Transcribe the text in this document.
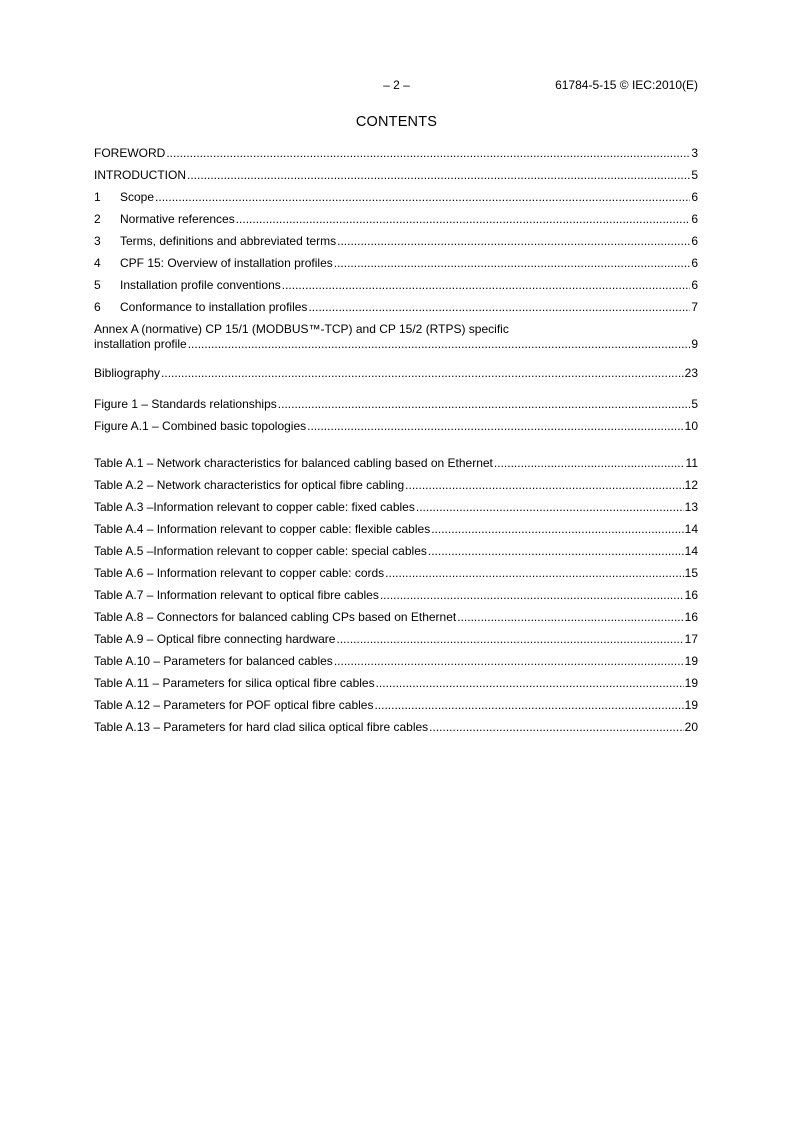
– 2 –	61784-5-15 © IEC:2010(E)
CONTENTS
FOREWORD .....	3
INTRODUCTION .....	5
1	Scope .....	6
2	Normative references .....	6
3	Terms, definitions and abbreviated terms .....	6
4	CPF 15: Overview of installation profiles .....	6
5	Installation profile conventions .....	6
6	Conformance to installation profiles .....	7
Annex A (normative) CP 15/1 (MODBUS™-TCP) and CP 15/2 (RTPS) specific
installation profile .....	9
Bibliography .....	23
Figure 1 – Standards relationships .....	5
Figure A.1 – Combined basic topologies .....	10
Table A.1 – Network characteristics for balanced cabling based on Ethernet .....	11
Table A.2 – Network characteristics for optical fibre cabling .....	12
Table A.3 –Information relevant to copper cable: fixed cables .....	13
Table A.4 – Information relevant to copper cable: flexible cables .....	14
Table A.5 –Information relevant to copper cable: special cables .....	14
Table A.6 – Information relevant to copper cable: cords .....	15
Table A.7 – Information relevant to optical fibre cables .....	16
Table A.8 – Connectors for balanced cabling CPs based on Ethernet .....	16
Table A.9 – Optical fibre connecting hardware .....	17
Table A.10 – Parameters for balanced cables .....	19
Table A.11 – Parameters for silica optical fibre cables .....	19
Table A.12 – Parameters for POF optical fibre cables .....	19
Table A.13 – Parameters for hard clad silica optical fibre cables .....	20
